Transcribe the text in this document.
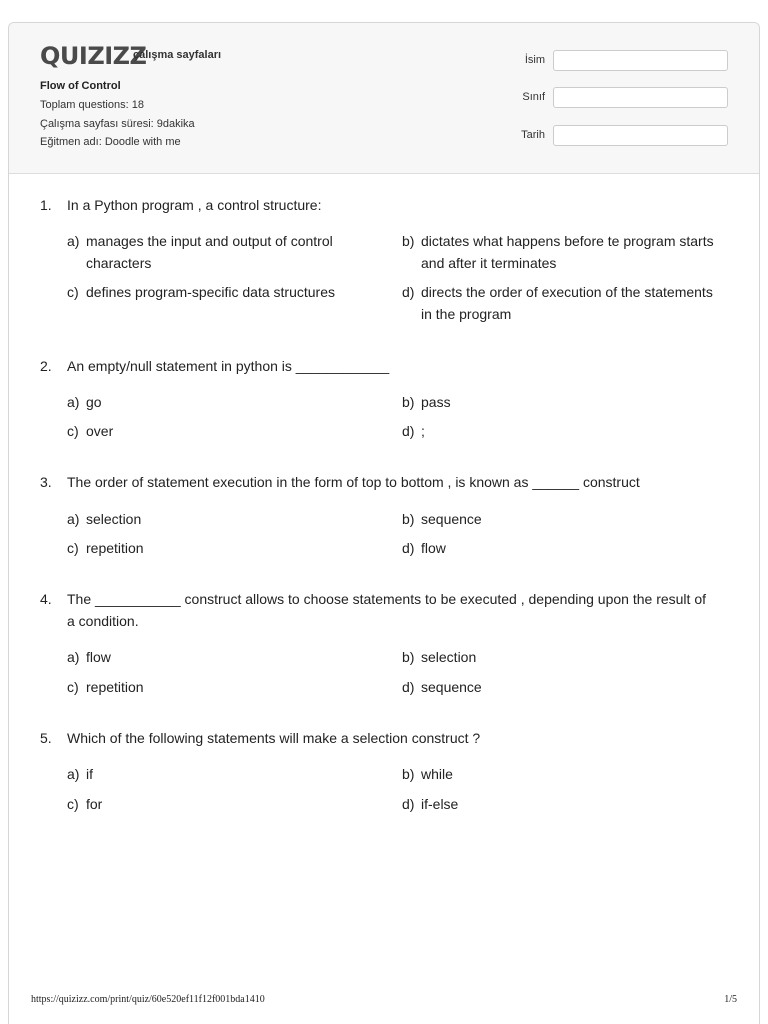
QUIZIZZ
çalışma sayfaları
Flow of Control
Toplam questions: 18
Çalışma sayfası süresi: 9dakika
Eğitmen adı: Doodle with me
İsim
Sınıf
Tarih
1. In a Python program , a control structure:
a) manages the input and output of control characters
b) dictates what happens before te program starts and after it terminates
c) defines program-specific data structures	d) directs the order of execution of the statements in the program
2. An empty/null statement in python is ____________
a) go	b) pass
c) over	d) ;
3. The order of statement execution in the form of top to bottom , is known as ______ construct
a) selection	b) sequence
c) repetition	d) flow
4. The ___________ construct allows to choose statements to be executed , depending upon the result of a condition.
a) flow	b) selection
c) repetition	d) sequence
5. Which of the following statements will make a selection construct ?
a) if	b) while
c) for	d) if-else
https://quizizz.com/print/quiz/60e520ef11f12f001bda1410	1/5
